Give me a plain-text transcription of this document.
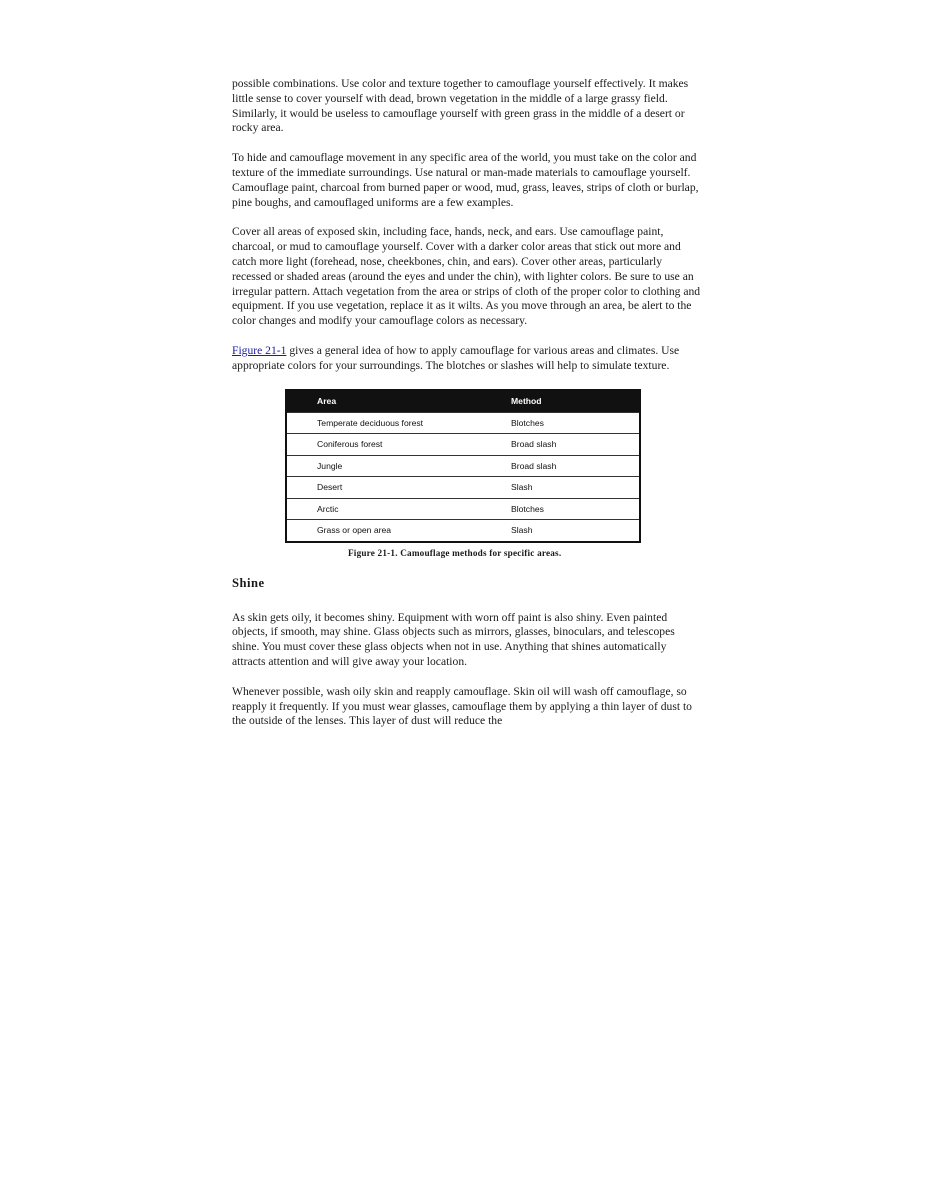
possible combinations. Use color and texture together to camouflage yourself effectively. It makes little sense to cover yourself with dead, brown vegetation in the middle of a large grassy field. Similarly, it would be useless to camouflage yourself with green grass in the middle of a desert or rocky area.

To hide and camouflage movement in any specific area of the world, you must take on the color and texture of the immediate surroundings. Use natural or man-made materials to camouflage yourself. Camouflage paint, charcoal from burned paper or wood, mud, grass, leaves, strips of cloth or burlap, pine boughs, and camouflaged uniforms are a few examples.

Cover all areas of exposed skin, including face, hands, neck, and ears. Use camouflage paint, charcoal, or mud to camouflage yourself. Cover with a darker color areas that stick out more and catch more light (forehead, nose, cheekbones, chin, and ears). Cover other areas, particularly recessed or shaded areas (around the eyes and under the chin), with lighter colors. Be sure to use an irregular pattern. Attach vegetation from the area or strips of cloth of the proper color to clothing and equipment. If you use vegetation, replace it as it wilts. As you move through an area, be alert to the color changes and modify your camouflage colors as necessary.

Figure 21-1 gives a general idea of how to apply camouflage for various areas and climates. Use appropriate colors for your surroundings. The blotches or slashes will help to simulate texture.

Area	Method
Temperate deciduous forest	Blotches
Coniferous forest	Broad slash
Jungle	Broad slash
Desert	Slash
Arctic	Blotches
Grass or open area	Slash
Figure 21-1. Camouflage methods for specific areas.
Shine

As skin gets oily, it becomes shiny. Equipment with worn off paint is also shiny. Even painted objects, if smooth, may shine. Glass objects such as mirrors, glasses, binoculars, and telescopes shine. You must cover these glass objects when not in use. Anything that shines automatically attracts attention and will give away your location.

Whenever possible, wash oily skin and reapply camouflage. Skin oil will wash off camouflage, so reapply it frequently. If you must wear glasses, camouflage them by applying a thin layer of dust to the outside of the lenses. This layer of dust will reduce the
